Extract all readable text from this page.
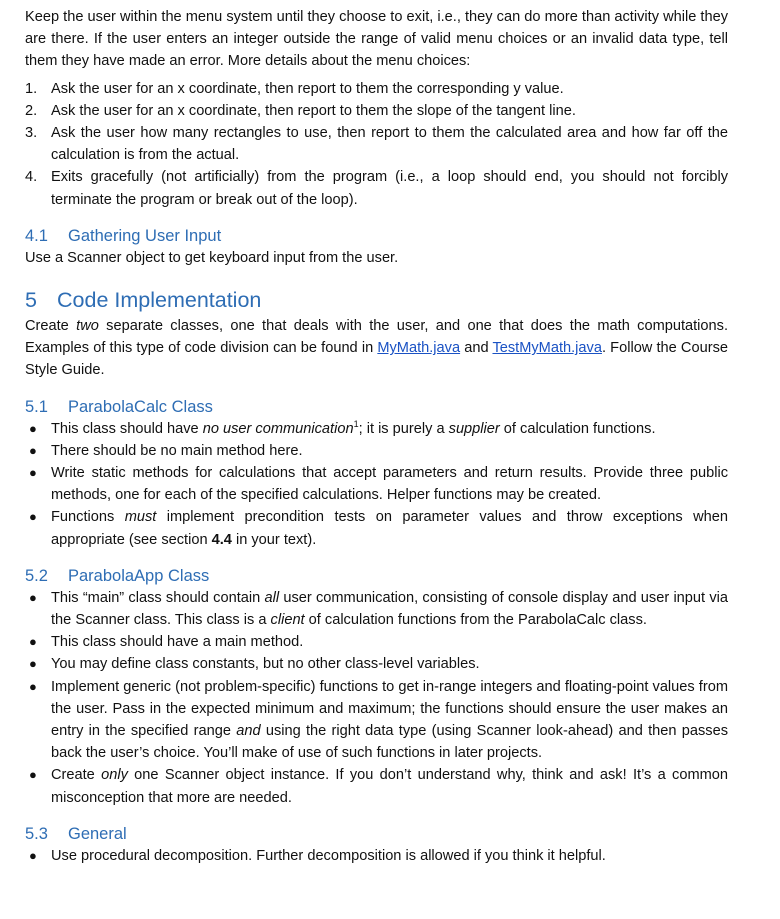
Keep the user within the menu system until they choose to exit, i.e., they can do more than activity while they are there. If the user enters an integer outside the range of valid menu choices or an invalid data type, tell them they have made an error. More details about the menu choices:

1. Ask the user for an x coordinate, then report to them the corresponding y value.
2. Ask the user for an x coordinate, then report to them the slope of the tangent line.
3. Ask the user how many rectangles to use, then report to them the calculated area and how far off the calculation is from the actual.
4. Exits gracefully (not artificially) from the program (i.e., a loop should end, you should not forcibly terminate the program or break out of the loop).
4.1 Gathering User Input

Use a Scanner object to get keyboard input from the user.

5 Code Implementation

Create two separate classes, one that deals with the user, and one that does the math computations. Examples of this type of code division can be found in MyMath.java and TestMyMath.java. Follow the Course Style Guide.

5.1 ParabolaCalc Class
● This class should have no user communication$^1$; it is purely a supplier of calculation functions.
● There should be no main method here.
● Write static methods for calculations that accept parameters and return results. Provide three public methods, one for each of the specified calculations. Helper functions may be created.
● Functions must implement precondition tests on parameter values and throw exceptions when appropriate (see section 4.4 in your text).
5.2 ParabolaApp Class
● This “main” class should contain all user communication, consisting of console display and user input via the Scanner class. This class is a client of calculation functions from the ParabolaCalc class.
● This class should have a main method.
● You may define class constants, but no other class-level variables.
● Implement generic (not problem-specific) functions to get in-range integers and floating-point values from the user. Pass in the expected minimum and maximum; the functions should ensure the user makes an entry in the specified range and using the right data type (using Scanner look-ahead) and then passes back the user’s choice. You’ll make of use of such functions in later projects.
● Create only one Scanner object instance. If you don’t understand why, think and ask! It’s a common misconception that more are needed.
5.3 General
● Use procedural decomposition. Further decomposition is allowed if you think it helpful.
